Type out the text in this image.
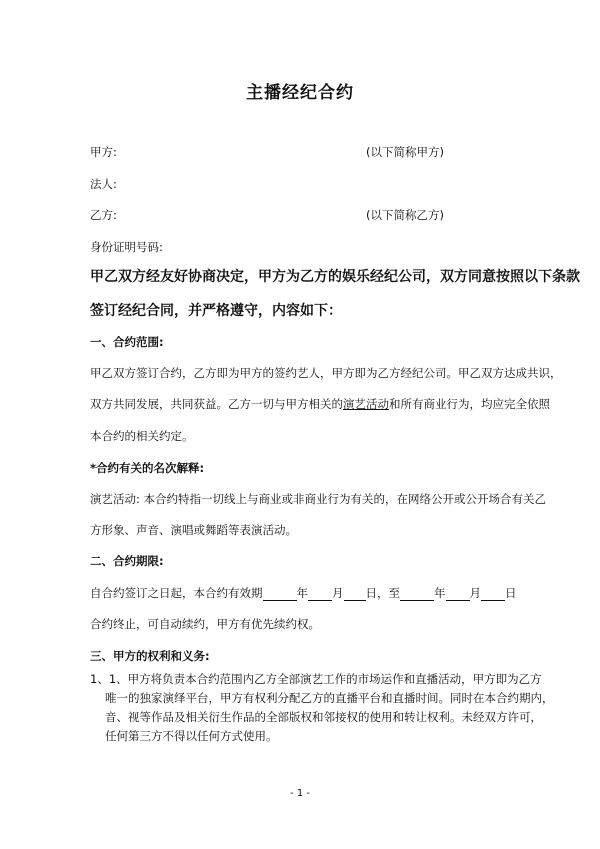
主播经纪合约
甲方:	(以下简称甲方)
法人:
乙方:	(以下简称乙方)
身份证明号码:
甲乙双方经友好协商决定，甲方为乙方的娱乐经纪公司，双方同意按照以下条款
签订经纪合同，并严格遵守，内容如下：
一、合约范围:
甲乙双方签订合约，乙方即为甲方的签约艺人，甲方即为乙方经纪公司。甲乙双方达成共识，
双方共同发展，共同获益。乙方一切与甲方相关的演艺活动和所有商业行为，均应完全依照
本合约的相关约定。
*合约有关的名次解释:
演艺活动: 本合约特指一切线上与商业或非商业行为有关的，在网络公开或公开场合有关乙
方形象、声音、演唱或舞蹈等表演活动。
二、合约期限:
自合约签订之日起，本合约有效期	年 月 日，至	年 月 日
合约终止，可自动续约，甲方有优先续约权。
三、甲方的权利和义务:
1、1、甲方将负责本合约范围内乙方全部演艺工作的市场运作和直播活动，甲方即为乙方
唯一的独家演绎平台，甲方有权利分配乙方的直播平台和直播时间。同时在本合约期内，
音、视等作品及相关衍生作品的全部版权和邻接权的使用和转让权利。未经双方许可，
任何第三方不得以任何方式使用。
- 1 -
